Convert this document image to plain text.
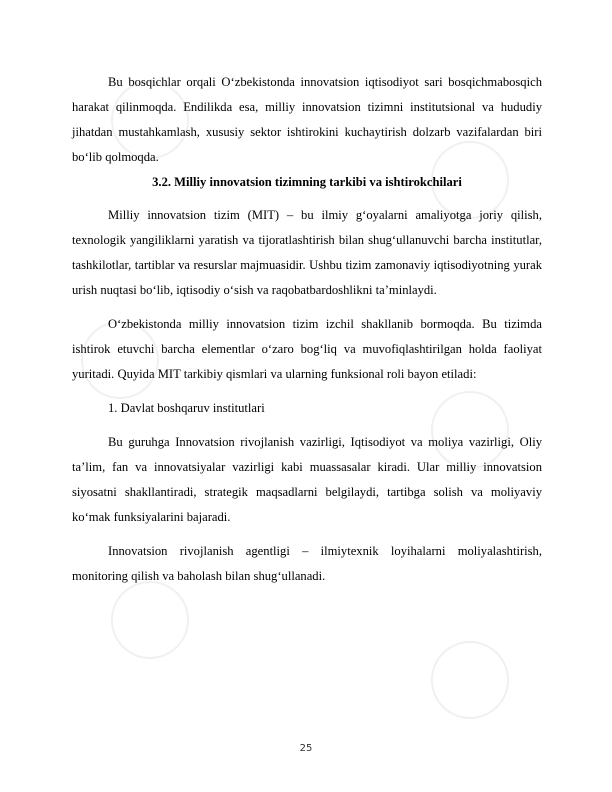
Bu bosqichlar orqali O‘zbekistonda innovatsion iqtisodiyot sari bosqichmabosqich harakat qilinmoqda. Endilikda esa, milliy innovatsion tizimni institutsional va hududiy jihatdan mustahkamlash, xususiy sektor ishtirokini kuchaytirish dolzarb vazifalardan biri bo‘lib qolmoqda.

3.2. Milliy innovatsion tizimning tarkibi va ishtirokchilari

Milliy innovatsion tizim (MIT) – bu ilmiy g‘oyalarni amaliyotga joriy qilish, texnologik yangiliklarni yaratish va tijoratlashtirish bilan shug‘ullanuvchi barcha institutlar, tashkilotlar, tartiblar va resurslar majmuasidir. Ushbu tizim zamonaviy iqtisodiyotning yurak urish nuqtasi bo‘lib, iqtisodiy o‘sish va raqobatbardoshlikni ta’minlaydi.

O‘zbekistonda milliy innovatsion tizim izchil shakllanib bormoqda. Bu tizimda ishtirok etuvchi barcha elementlar o‘zaro bog‘liq va muvofiqlashtirilgan holda faoliyat yuritadi. Quyida MIT tarkibiy qismlari va ularning funksional roli bayon etiladi:

1. Davlat boshqaruv institutlari

Bu guruhga Innovatsion rivojlanish vazirligi, Iqtisodiyot va moliya vazirligi, Oliy ta’lim, fan va innovatsiyalar vazirligi kabi muassasalar kiradi. Ular milliy innovatsion siyosatni shakllantiradi, strategik maqsadlarni belgilaydi, tartibga solish va moliyaviy ko‘mak funksiyalarini bajaradi.

Innovatsion rivojlanish agentligi – ilmiytexnik loyihalarni moliyalashtirish, monitoring qilish va baholash bilan shug‘ullanadi.

25
